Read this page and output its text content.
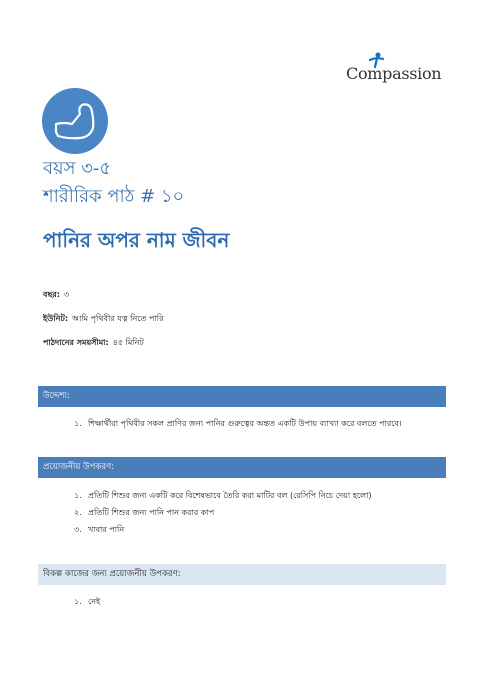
Compassion
বয়স ৩-৫
শারীরিক পাঠ # ১০
পানির অপর নাম জীবন
বছর: ৩
ইউনিট: আমি পৃথিবীর যত্ন নিতে পারি
পাঠদানের সময়সীমা: ৪৫ মিনিট
উদ্দেশ্য:
১. শিক্ষার্থীরা পৃথিবীর সকল প্রাণির জন্য পানির গুরুত্বের অন্তত একটি উপায় ব্যাখ্যা করে বলতে পারবে।
প্রয়োজনীয় উপকরণ:
১. প্রতিটি শিশুর জন্য একটি করে বিশেষভাবে তৈরি করা মাটির বল (রেসিপি নিচে দেয়া হলো)
২. প্রতিটি শিশুর জন্য পানি পান করার কাপ
৩. খাবার পানি
বিকল্প কাজের জন্য প্রয়োজনীয় উপকরণ:
১. নেই
